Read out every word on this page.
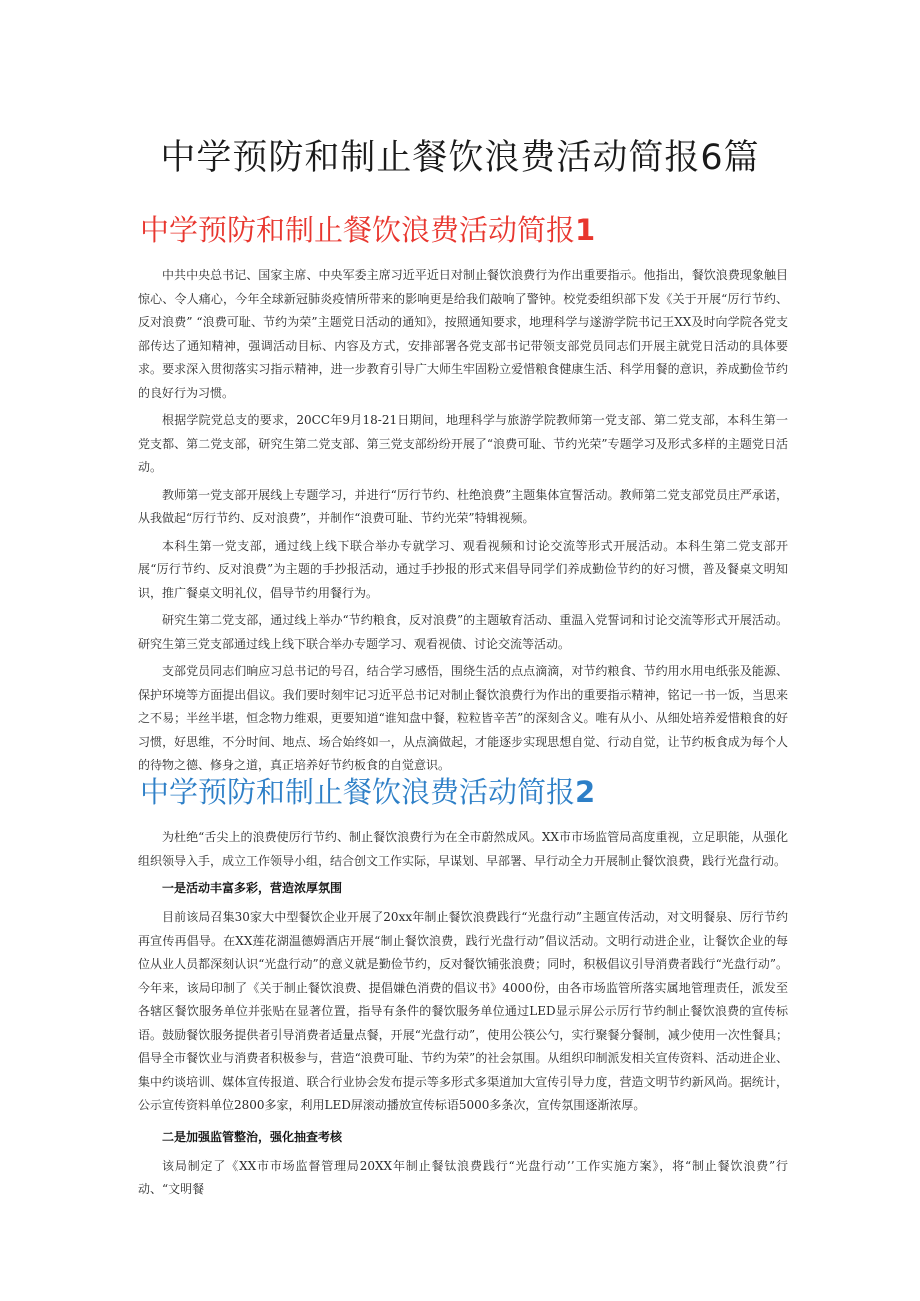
中学预防和制止餐饮浪费活动简报6篇
中学预防和制止餐饮浪费活动简报1

中共中央总书记、国家主席、中央军委主席习近平近日对制止餐饮浪费行为作出重要指示。他指出，餐饮浪费现象触目惊心、令人痛心，今年全球新冠肺炎疫情所带来的影响更是给我们敲响了警钟。校党委组织部下发《关于开展“厉行节约、反对浪费” “浪费可耻、节约为荣”主题党日活动的通知》，按照通知要求，地理科学与遂游学院书记王XX及时向学院各党支部传达了通知精神，强调活动目标、内容及方式，安排部署各党支部书记带领支部党员同志们开展主就党日活动的具体要求。要求深入贯彻落实习指示精神，进一步教育引导广大师生牢固粉立爱惜粮食健康生活、科学用餐的意识，养成勤俭节约的良好行为习惯。

根据学院党总支的要求，20CC年9月18-21日期间，地理科学与旅游学院教师第一党支部、第二党支部，本科生第一党支都、第二党支部，研究生第二党支部、第三党支部纷纷开展了“浪费可耻、节约光荣”专题学习及形式多样的主题党日活动。

教师第一党支部开展线上专题学习，并进行“厉行节约、杜绝浪费”主题集体宣誓活动。教师第二党支部党员庄严承诺，从我做起“厉行节约、反对浪费”，并制作“浪费可耻、节约光荣”特辑视频。

本科生第一党支部，通过线上线下联合举办专就学习、观看视频和讨论交流等形式开展活动。本科生第二党支部开展“厉行节约、反对浪费”为主题的手抄报活动，通过手抄报的形式来倡导同学们养成勤俭节约的好习惯，普及餐桌文明知识，推广餐桌文明礼仪，倡导节约用餐行为。

研究生第二党支部，通过线上举办“节约粮食，反对浪费”的主题敏育活动、重温入党誓词和讨论交流等形式开展活动。研究生第三党支部通过线上线下联合举办专题学习、观看视债、讨论交流等活动。

支部党员同志们晌应习总书记的号召，结合学习感悟，围绕生活的点点滴滴，对节约粮食、节约用水用电纸张及能源、保护环境等方面提出倡议。我们要时刻牢记习近平总书记对制止餐饮浪费行为作出的重要指示精神，铭记一书一饭，当思来之不易；半丝半堪，恒念物力维艰，更要知道“谁知盘中餐，粒粒皆辛苦”的深刻含义。唯有从小、从细处培养爱惜粮食的好习惯，好思维，不分时间、地点、场合始终如一，从点滴做起，才能逐步实现思想自觉、行动自觉，让节约板食成为每个人的待物之德、修身之道，真正培养好节约板食的自觉意识。

中学预防和制止餐饮浪费活动简报2

为杜绝“舌尖上的浪费使厉行节约、制止餐饮浪费行为在全市蔚然成风。XX市市场监管局高度重视，立足职能，从强化组织领导入手，成立工作领导小组，结合创文工作实际，早谋划、早部署、早行动全力开展制止餐饮浪费，践行光盘行动。

一是活动丰富多彩，营造浓厚氛围

目前该局召集30家大中型餐饮企业开展了20xx年制止餐饮浪费践行“光盘行动”主题宣传活动，对文明餐泉、厉行节约再宣传再倡导。在XX莲花湖温德姆酒店开展“制止餐饮浪费，践行光盘行动”倡议活动。文明行动进企业，让餐饮企业的每位从业人员都深刻认识“光盘行动”的意义就是勤俭节约，反对餐饮铺张浪费；同时，积极倡议引导消费者践行“光盘行动”。今年来，该局印制了《关于制止餐饮浪费、提倡嫌色消费的倡议书》4000份，由各市场监管所落实属地管理责任，派发至各辖区餐饮服务单位并张贴在显著位置，指导有条件的餐饮服务单位通过LED显示屏公示厉行节约制止餐饮浪费的宣传标语。鼓励餐饮服务提供者引导消费者适量点餐，开展“光盘行动”，使用公筷公勺，实行聚餐分餐制，减少使用一次性餐具；倡导全市餐饮业与消费者积极参与，营造“浪费可耻、节约为荣”的社会氛围。从组织印制派发相关宣传资料、活动进企业、集中约谈培训、媒体宣传报道、联合行业协会发布提示等多形式多渠道加大宣传引导力度，营造文明节约新风尚。据统计，公示宣传资料单位2800多家，利用LED屏滚动播放宣传标语5000多条次，宣传氛围逐渐浓厚。

二是加强监管整治，强化抽查考核

该局制定了《XX市市场监督管理局20XX年制止餐钛浪费践行“光盘行动’’工作实施方案》，将“制止餐饮浪费”行动、“文明餐
